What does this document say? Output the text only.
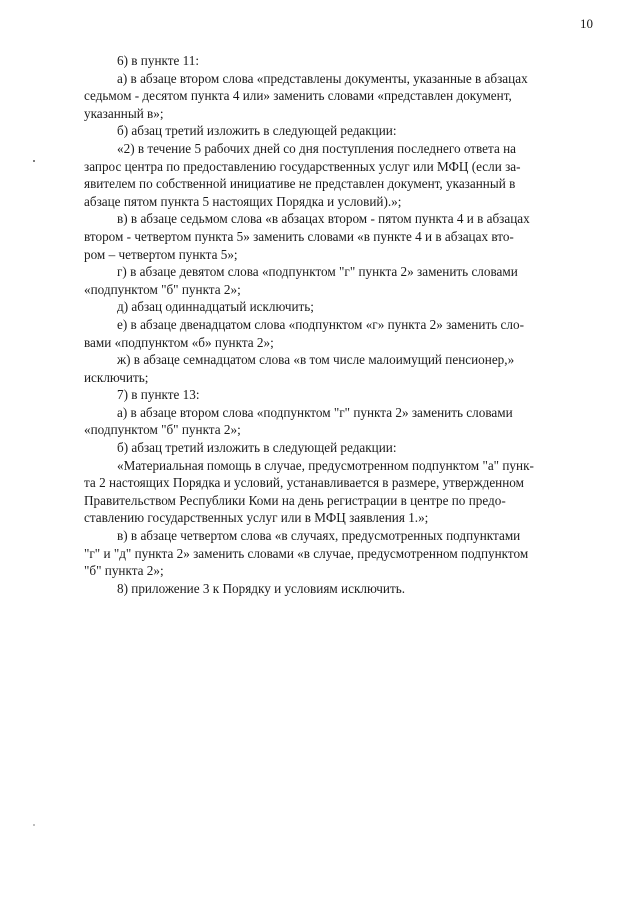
10

6) в пункте 11:

а) в абзаце втором слова «представлены документы, указанные в абзацах
седьмом - десятом пункта 4 или» заменить словами «представлен документ,
указанный в»;

б) абзац третий изложить в следующей редакции:

«2) в течение 5 рабочих дней со дня поступления последнего ответа на
запрос центра по предоставлению государственных услуг или МФЦ (если за-
явителем по собственной инициативе не представлен документ, указанный в
абзаце пятом пункта 5 настоящих Порядка и условий).»;

в) в абзаце седьмом слова «в абзацах втором - пятом пункта 4 и в абзацах
втором - четвертом пункта 5» заменить словами «в пункте 4 и в абзацах вто-
ром – четвертом пункта 5»;

г) в абзаце девятом слова «подпунктом "г" пункта 2» заменить словами
«подпунктом "б" пункта 2»;

д) абзац одиннадцатый исключить;

е) в абзаце двенадцатом слова «подпунктом «г» пункта 2» заменить сло-
вами «подпунктом «б» пункта 2»;

ж) в абзаце семнадцатом слова «в том числе малоимущий пенсионер,»
исключить;

7) в пункте 13:

а) в абзаце втором слова «подпунктом "г" пункта 2» заменить словами
«подпунктом "б" пункта 2»;

б) абзац третий изложить в следующей редакции:

«Материальная помощь в случае, предусмотренном подпунктом "а" пунк-
та 2 настоящих Порядка и условий, устанавливается в размере, утвержденном
Правительством Республики Коми на день регистрации в центре по предо-
ставлению государственных услуг или в МФЦ заявления 1.»;

в) в абзаце четвертом слова «в случаях, предусмотренных подпунктами
"г" и "д" пункта 2» заменить словами «в случае, предусмотренном подпунктом
"б" пункта 2»;

8) приложение 3 к Порядку и условиям исключить.
